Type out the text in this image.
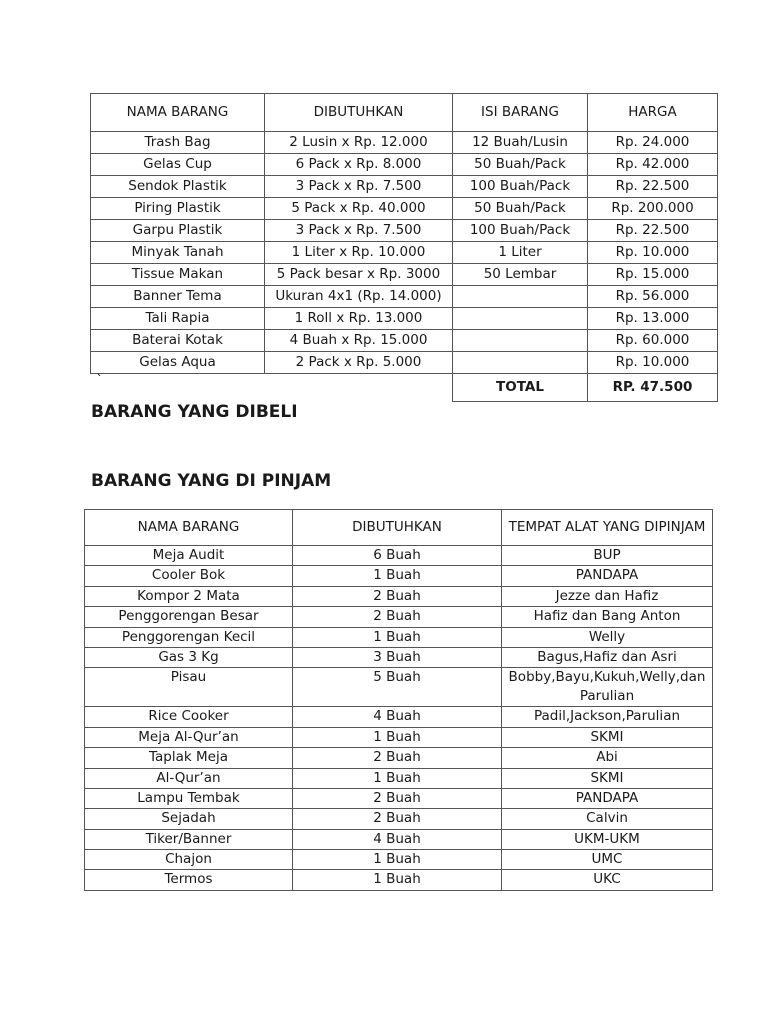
NAMA BARANG	DIBUTUHKAN	ISI BARANG	HARGA
Trash Bag	2 Lusin x Rp. 12.000	12 Buah/Lusin	Rp. 24.000
Gelas Cup	6 Pack x Rp. 8.000	50 Buah/Pack	Rp. 42.000
Sendok Plastik	3 Pack x Rp. 7.500	100 Buah/Pack	Rp. 22.500
Piring Plastik	5 Pack x Rp. 40.000	50 Buah/Pack	Rp. 200.000
Garpu Plastik	3 Pack x Rp. 7.500	100 Buah/Pack	Rp. 22.500
Minyak Tanah	1 Liter x Rp. 10.000	1 Liter	Rp. 10.000
Tissue Makan	5 Pack besar x Rp. 3000	50 Lembar	Rp. 15.000
Banner Tema	Ukuran 4x1 (Rp. 14.000)		Rp. 56.000
Tali Rapia	1 Roll x Rp. 13.000		Rp. 13.000
Baterai Kotak	4 Buah x Rp. 15.000		Rp. 60.000
Gelas Aqua	2 Pack x Rp. 5.000		Rp. 10.000
		TOTAL	RP. 47.500
`
BARANG YANG DIBELI
BARANG YANG DI PINJAM
NAMA BARANG	DIBUTUHKAN	TEMPAT ALAT YANG DIPINJAM
Meja Audit	6 Buah	BUP
Cooler Bok	1 Buah	PANDAPA
Kompor 2 Mata	2 Buah	Jezze dan Hafiz
Penggorengan Besar	2 Buah	Hafiz dan Bang Anton
Penggorengan Kecil	1 Buah	Welly
Gas 3 Kg	3 Buah	Bagus,Hafiz dan Asri
Pisau	5 Buah	Bobby,Bayu,Kukuh,Welly,dan Parulian
Rice Cooker	4 Buah	Padil,Jackson,Parulian
Meja Al-Qur’an	1 Buah	SKMI
Taplak Meja	2 Buah	Abi
Al-Qur’an	1 Buah	SKMI
Lampu Tembak	2 Buah	PANDAPA
Sejadah	2 Buah	Calvin
Tiker/Banner	4 Buah	UKM-UKM
Chajon	1 Buah	UMC
Termos	1 Buah	UKC
